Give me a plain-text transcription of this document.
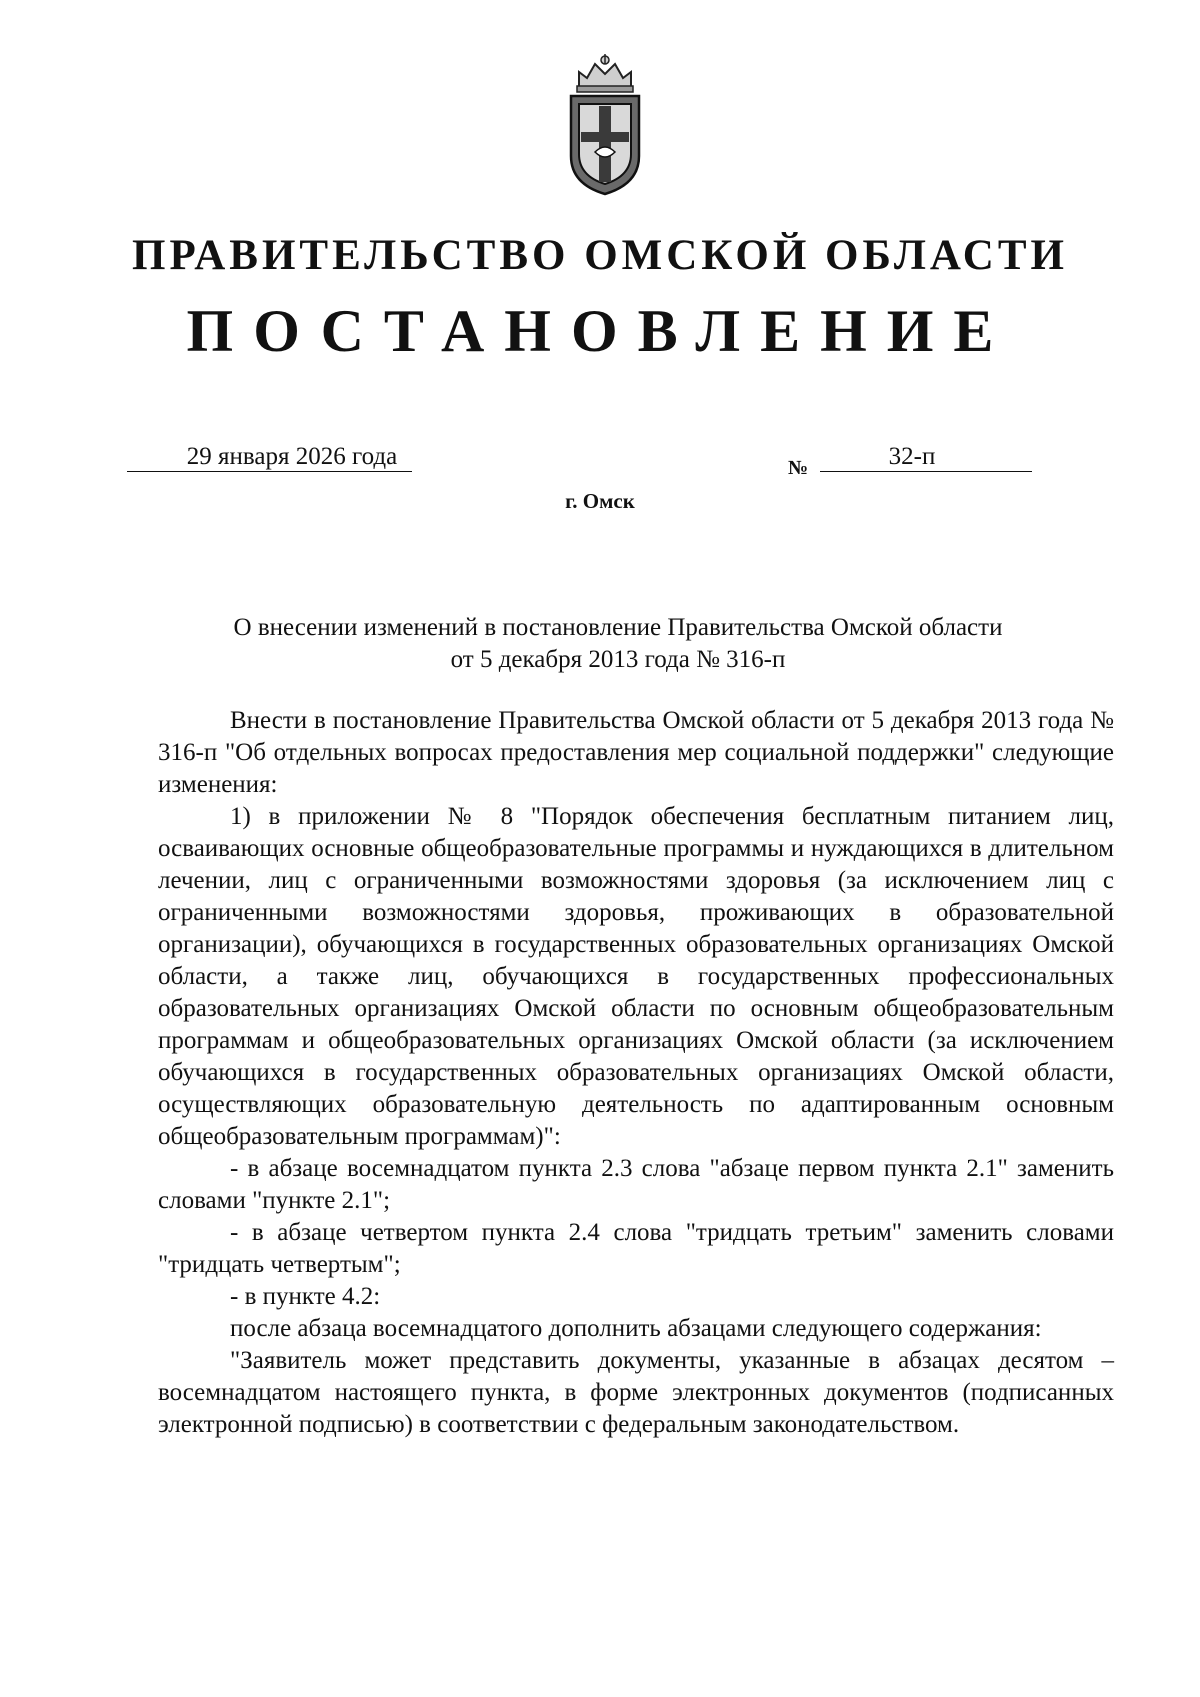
ПРАВИТЕЛЬСТВО ОМСКОЙ ОБЛАСТИ
ПОСТАНОВЛЕНИЕ
29 января 2026 года	№	32-п
г. Омск
О внесении изменений в постановление Правительства Омской области
от 5 декабря 2013 года № 316-п

Внести в постановление Правительства Омской области от 5 декабря 2013 года № 316-п "Об отдельных вопросах предоставления мер социальной поддержки" следующие изменения:

1) в приложении № 8 "Порядок обеспечения бесплатным питанием лиц, осваивающих основные общеобразовательные программы и нуждающихся в длительном лечении, лиц с ограниченными возможностями здоровья (за исключением лиц с ограниченными возможностями здоровья, проживающих в образовательной организации), обучающихся в государственных образовательных организациях Омской области, а также лиц, обучающихся в государственных профессиональных образовательных организациях Омской области по основным общеобразовательным программам и общеобразовательных организациях Омской области (за исключением обучающихся в государственных образовательных организациях Омской области, осуществляющих образовательную деятельность по адаптированным основным общеобразовательным программам)":

- в абзаце восемнадцатом пункта 2.3 слова "абзаце первом пункта 2.1" заменить словами "пункте 2.1";

- в абзаце четвертом пункта 2.4 слова "тридцать третьим" заменить словами "тридцать четвертым";

- в пункте 4.2:

после абзаца восемнадцатого дополнить абзацами следующего содержания:

"Заявитель может представить документы, указанные в абзацах десятом – восемнадцатом настоящего пункта, в форме электронных документов (подписанных электронной подписью) в соответствии с федеральным законодательством.
